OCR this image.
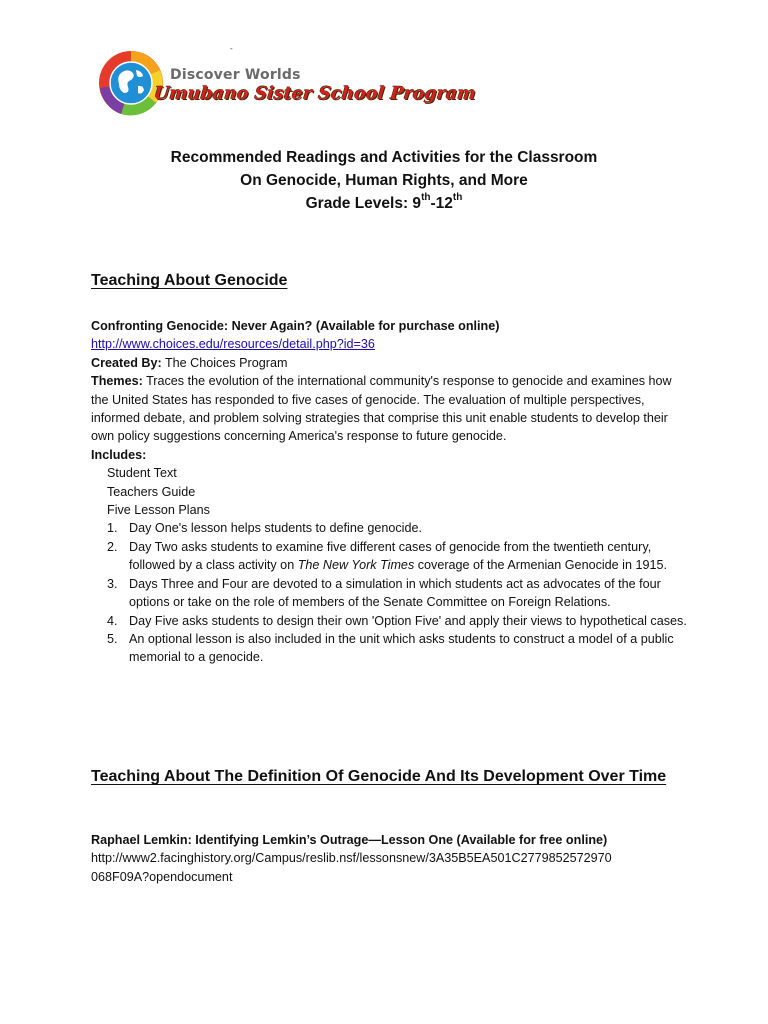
-
Discover Worlds
Umubano Sister School Program
Recommended Readings and Activities for the Classroom
On Genocide, Human Rights, and More
Grade Levels: 9th-12th
Teaching About Genocide

Confronting Genocide: Never Again? (Available for purchase online)

http://www.choices.edu/resources/detail.php?id=36

Created By: The Choices Program

Themes: Traces the evolution of the international community's response to genocide and examines how the United States has responded to five cases of genocide. The evaluation of multiple perspectives, informed debate, and problem solving strategies that comprise this unit enable students to develop their own policy suggestions concerning America's response to future genocide.

Includes:

Student Text
Teachers Guide
Five Lesson Plans
1. Day One's lesson helps students to define genocide.
2. Day Two asks students to examine five different cases of genocide from the twentieth century, followed by a class activity on The New York Times coverage of the Armenian Genocide in 1915.
3. Days Three and Four are devoted to a simulation in which students act as advocates of the four options or take on the role of members of the Senate Committee on Foreign Relations.
4. Day Five asks students to design their own 'Option Five' and apply their views to hypothetical cases.
5. An optional lesson is also included in the unit which asks students to construct a model of a public memorial to a genocide.
Teaching About The Definition Of Genocide And Its Development Over Time

Raphael Lemkin: Identifying Lemkin’s Outrage—Lesson One (Available for free online)

http://www2.facinghistory.org/Campus/reslib.nsf/lessonsnew/3A35B5EA501C2779852572970

068F09A?opendocument
